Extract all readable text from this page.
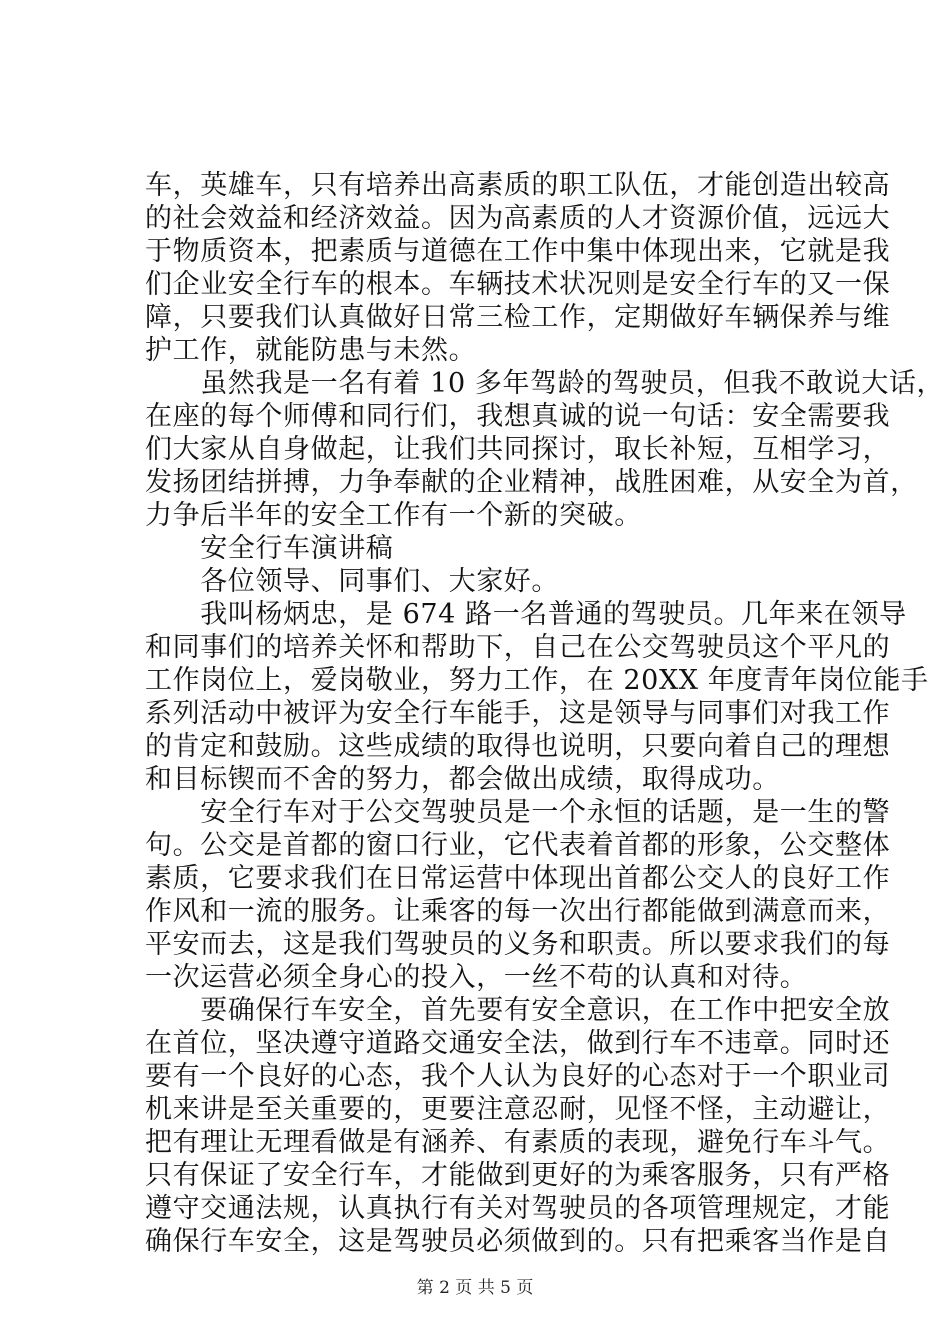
车，英雄车，只有培养出高素质的职工队伍，才能创造出较高
的社会效益和经济效益。因为高素质的人才资源价值，远远大
于物质资本，把素质与道德在工作中集中体现出来，它就是我
们企业安全行车的根本。车辆技术状况则是安全行车的又一保
障，只要我们认真做好日常三检工作，定期做好车辆保养与维
护工作，就能防患与未然。
　　虽然我是一名有着 10 多年驾龄的驾驶员，但我不敢说大话，
在座的每个师傅和同行们，我想真诚的说一句话：安全需要我
们大家从自身做起，让我们共同探讨，取长补短，互相学习，
发扬团结拼搏，力争奉献的企业精神，战胜困难，从安全为首，
力争后半年的安全工作有一个新的突破。
　　安全行车演讲稿
　　各位领导、同事们、大家好。
　　我叫杨炳忠，是 674 路一名普通的驾驶员。几年来在领导
和同事们的培养关怀和帮助下，自己在公交驾驶员这个平凡的
工作岗位上，爱岗敬业，努力工作，在 20XX 年度青年岗位能手
系列活动中被评为安全行车能手，这是领导与同事们对我工作
的肯定和鼓励。这些成绩的取得也说明，只要向着自己的理想
和目标锲而不舍的努力，都会做出成绩，取得成功。
　　安全行车对于公交驾驶员是一个永恒的话题，是一生的警
句。公交是首都的窗口行业，它代表着首都的形象，公交整体
素质，它要求我们在日常运营中体现出首都公交人的良好工作
作风和一流的服务。让乘客的每一次出行都能做到满意而来，
平安而去，这是我们驾驶员的义务和职责。所以要求我们的每
一次运营必须全身心的投入，一丝不苟的认真和对待。
　　要确保行车安全，首先要有安全意识，在工作中把安全放
在首位，坚决遵守道路交通安全法，做到行车不违章。同时还
要有一个良好的心态，我个人认为良好的心态对于一个职业司
机来讲是至关重要的，更要注意忍耐，见怪不怪，主动避让，
把有理让无理看做是有涵养、有素质的表现，避免行车斗气。
只有保证了安全行车，才能做到更好的为乘客服务，只有严格
遵守交通法规，认真执行有关对驾驶员的各项管理规定，才能
确保行车安全，这是驾驶员必须做到的。只有把乘客当作是自
第 2 页 共 5 页
